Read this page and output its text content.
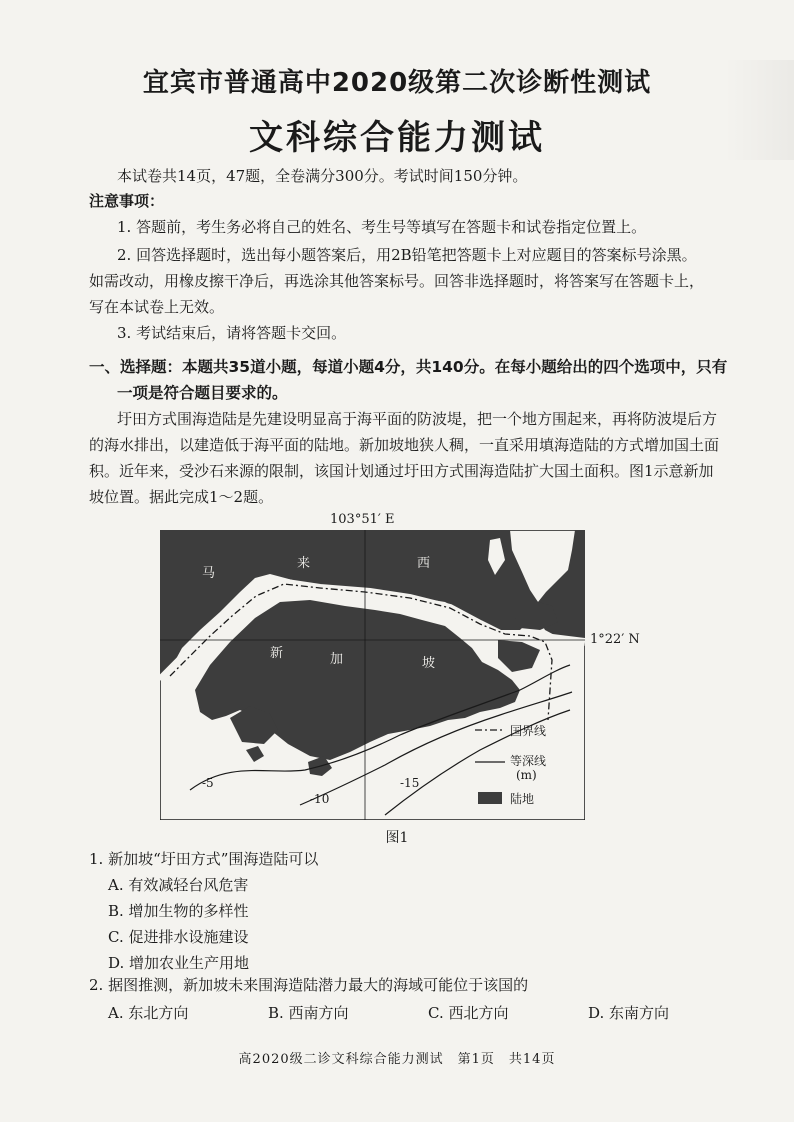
宜宾市普通高中2020级第二次诊断性测试
文科综合能力测试
本试卷共14页，47题，全卷满分300分。考试时间150分钟。
注意事项：
1. 答题前，考生务必将自己的姓名、考生号等填写在答题卡和试卷指定位置上。
2. 回答选择题时，选出每小题答案后，用2B铅笔把答题卡上对应题目的答案标号涂黑。
如需改动，用橡皮擦干净后，再选涂其他答案标号。回答非选择题时，将答案写在答题卡上，
写在本试卷上无效。
3. 考试结束后，请将答题卡交回。
一、选择题：本题共35道小题，每道小题4分，共140分。在每小题给出的四个选项中，只有
一项是符合题目要求的。
圩田方式围海造陆是先建设明显高于海平面的防波堤，把一个地方围起来，再将防波堤后方
的海水排出，以建造低于海平面的陆地。新加坡地狭人稠，一直采用填海造陆的方式增加国土面
积。近年来，受沙石来源的限制，该国计划通过圩田方式围海造陆扩大国土面积。图1示意新加
坡位置。据此完成1～2题。
103°51′ E
马
来	西
亚
新	加	坡
-5
-10
-15
国界线
等深线
(m)
陆地
1°22′ N
图1
1. 新加坡“圩田方式”围海造陆可以
A. 有效减轻台风危害
B. 增加生物的多样性
C. 促进排水设施建设
D. 增加农业生产用地
2. 据图推测，新加坡未来围海造陆潜力最大的海域可能位于该国的
A. 东北方向	B. 西南方向	C. 西北方向	D. 东南方向
高2020级二诊文科综合能力测试　第1页　共14页
